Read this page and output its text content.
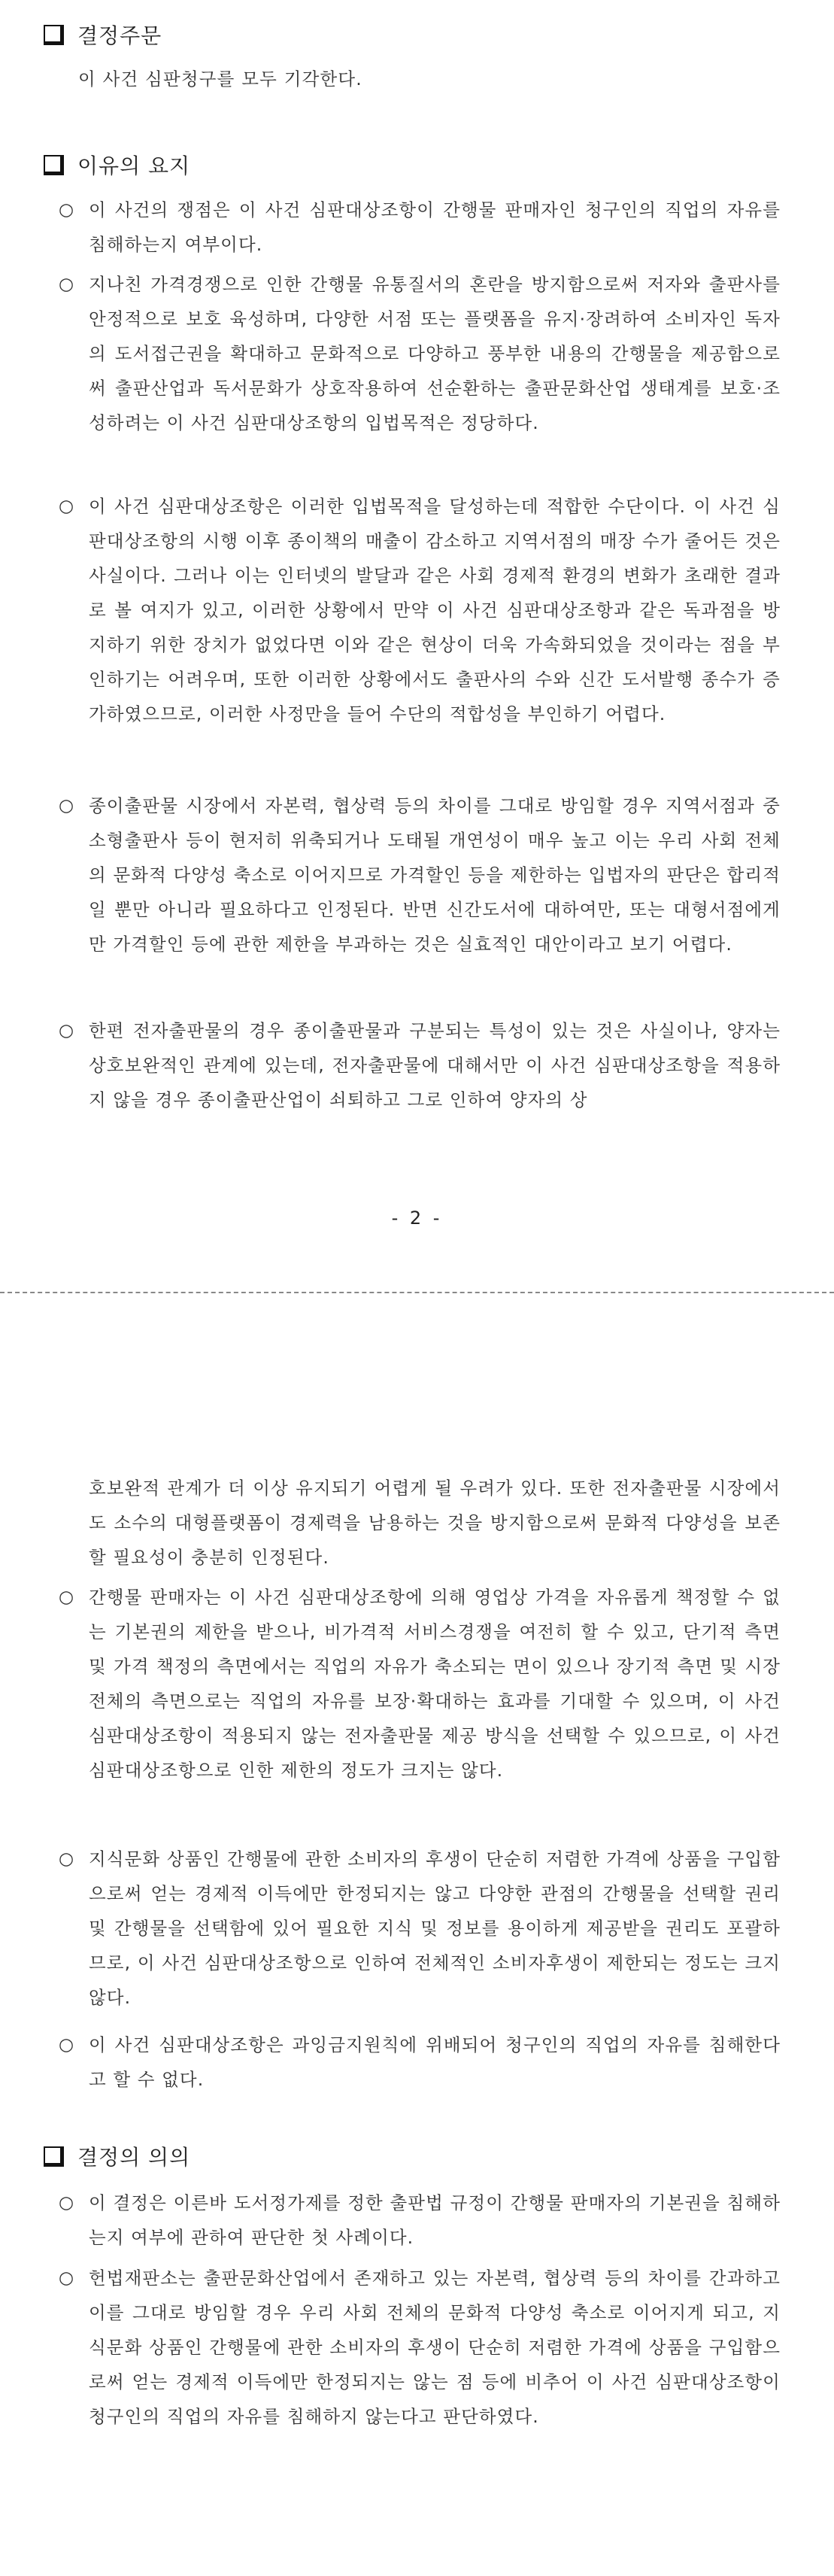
결정주문
이 사건 심판청구를 모두 기각한다.
이유의 요지
○ 이 사건의 쟁점은 이 사건 심판대상조항이 간행물 판매자인 청구인의 직업의 자유를 침해하는지 여부이다.
○ 지나친 가격경쟁으로 인한 간행물 유통질서의 혼란을 방지함으로써 저자와 출판사를 안정적으로 보호 육성하며, 다양한 서점 또는 플랫폼을 유지·장려하여 소비자인 독자의 도서접근권을 확대하고 문화적으로 다양하고 풍부한 내용의 간행물을 제공함으로써 출판산업과 독서문화가 상호작용하여 선순환하는 출판문화산업 생태계를 보호·조성하려는 이 사건 심판대상조항의 입법목적은 정당하다.
○ 이 사건 심판대상조항은 이러한 입법목적을 달성하는데 적합한 수단이다. 이 사건 심판대상조항의 시행 이후 종이책의 매출이 감소하고 지역서점의 매장 수가 줄어든 것은 사실이다. 그러나 이는 인터넷의 발달과 같은 사회 경제적 환경의 변화가 초래한 결과로 볼 여지가 있고, 이러한 상황에서 만약 이 사건 심판대상조항과 같은 독과점을 방지하기 위한 장치가 없었다면 이와 같은 현상이 더욱 가속화되었을 것이라는 점을 부인하기는 어려우며, 또한 이러한 상황에서도 출판사의 수와 신간 도서발행 종수가 증가하였으므로, 이러한 사정만을 들어 수단의 적합성을 부인하기 어렵다.
○ 종이출판물 시장에서 자본력, 협상력 등의 차이를 그대로 방임할 경우 지역서점과 중소형출판사 등이 현저히 위축되거나 도태될 개연성이 매우 높고 이는 우리 사회 전체의 문화적 다양성 축소로 이어지므로 가격할인 등을 제한하는 입법자의 판단은 합리적일 뿐만 아니라 필요하다고 인정된다. 반면 신간도서에 대하여만, 또는 대형서점에게만 가격할인 등에 관한 제한을 부과하는 것은 실효적인 대안이라고 보기 어렵다.
○ 한편 전자출판물의 경우 종이출판물과 구분되는 특성이 있는 것은 사실이나, 양자는 상호보완적인 관계에 있는데, 전자출판물에 대해서만 이 사건 심판대상조항을 적용하지 않을 경우 종이출판산업이 쇠퇴하고 그로 인하여 양자의 상
- 2 -
호보완적 관계가 더 이상 유지되기 어렵게 될 우려가 있다. 또한 전자출판물 시장에서도 소수의 대형플랫폼이 경제력을 남용하는 것을 방지함으로써 문화적 다양성을 보존할 필요성이 충분히 인정된다.
○ 간행물 판매자는 이 사건 심판대상조항에 의해 영업상 가격을 자유롭게 책정할 수 없는 기본권의 제한을 받으나, 비가격적 서비스경쟁을 여전히 할 수 있고, 단기적 측면 및 가격 책정의 측면에서는 직업의 자유가 축소되는 면이 있으나 장기적 측면 및 시장 전체의 측면으로는 직업의 자유를 보장·확대하는 효과를 기대할 수 있으며, 이 사건 심판대상조항이 적용되지 않는 전자출판물 제공 방식을 선택할 수 있으므로, 이 사건 심판대상조항으로 인한 제한의 정도가 크지는 않다.
○ 지식문화 상품인 간행물에 관한 소비자의 후생이 단순히 저렴한 가격에 상품을 구입함으로써 얻는 경제적 이득에만 한정되지는 않고 다양한 관점의 간행물을 선택할 권리 및 간행물을 선택함에 있어 필요한 지식 및 정보를 용이하게 제공받을 권리도 포괄하므로, 이 사건 심판대상조항으로 인하여 전체적인 소비자후생이 제한되는 정도는 크지 않다.
○ 이 사건 심판대상조항은 과잉금지원칙에 위배되어 청구인의 직업의 자유를 침해한다고 할 수 없다.
결정의 의의
○ 이 결정은 이른바 도서정가제를 정한 출판법 규정이 간행물 판매자의 기본권을 침해하는지 여부에 관하여 판단한 첫 사례이다.
○ 헌법재판소는 출판문화산업에서 존재하고 있는 자본력, 협상력 등의 차이를 간과하고 이를 그대로 방임할 경우 우리 사회 전체의 문화적 다양성 축소로 이어지게 되고, 지식문화 상품인 간행물에 관한 소비자의 후생이 단순히 저렴한 가격에 상품을 구입함으로써 얻는 경제적 이득에만 한정되지는 않는 점 등에 비추어 이 사건 심판대상조항이 청구인의 직업의 자유를 침해하지 않는다고 판단하였다.
